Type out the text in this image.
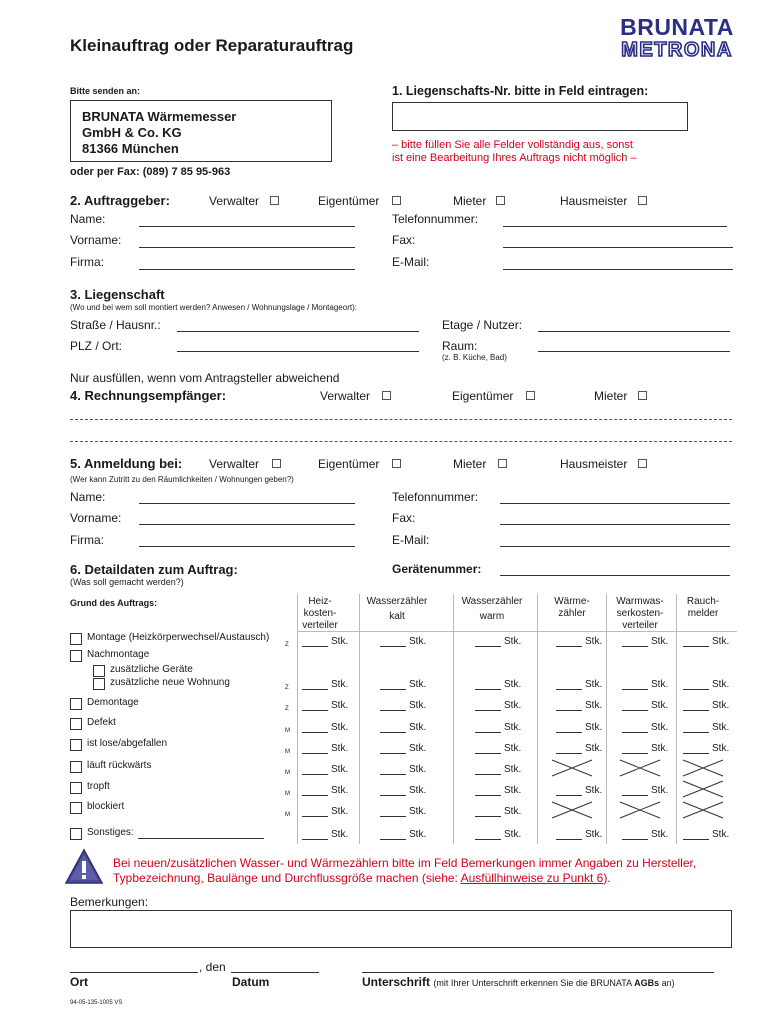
Kleinauftrag oder Reparaturauftrag
BRUNATA
METRONA
Bitte senden an:	1. Liegenschafts-Nr. bitte in Feld eintragen:
BRUNATA Wärmemesser
GmbH & Co. KG
81366 München	– bitte füllen Sie alle Felder vollständig aus, sonst
ist eine Bearbeitung Ihres Auftrags nicht möglich –
oder per Fax: (089) 7 85 95-963
2. Auftraggeber:	Verwalter	Eigentümer	Mieter	Hausmeister
Name:
Vorname:
Firma:
Telefonnummer:
Fax:
E-Mail:
3. Liegenschaft
(Wo und bei wem soll montiert werden? Anwesen / Wohnungslage / Montageort):
Straße / Hausnr.:
PLZ / Ort:
Etage / Nutzer:
Raum:
(z. B. Küche, Bad)
Nur ausfüllen, wenn vom Antragsteller abweichend
4. Rechnungsempfänger:	Verwalter	Eigentümer	Mieter
5. Anmeldung bei: Verwalter	Eigentümer	Mieter	Hausmeister
(Wer kann Zutritt zu den Räumlichkeiten / Wohnungen geben?)
Name:
Vorname:
Firma:
Telefonnummer:
Fax:
E-Mail:
6. Detaildaten zum Auftrag:
(Was soll gemacht werden?)
Gerätenummer:
Grund des Auftrags:	Heiz-
kosten-
verteiler
Wasserzähler
kalt
Wasserzähler
warm
Wärme-
zähler
Warmwas-
serkosten-
verteiler
Rauch-
melder
Montage (Heizkörperwechsel/Austausch)
Z	Stk.	Stk.	Stk.	Stk.	Stk.	Stk.
Nachmontage
zusätzliche Geräte
zusätzliche neue Wohnung	Z	Stk.	Stk.	Stk.	Stk.	Stk.	Stk.
Demontage
Z	Stk.	Stk.	Stk.	Stk.	Stk.	Stk.
Defekt
M	Stk.	Stk.	Stk.	Stk.	Stk.	Stk.
ist lose/abgefallen
M	Stk.	Stk.	Stk.	Stk.	Stk.	Stk.
läuft rückwärts
M	Stk.	Stk.	Stk.
tropft
M	Stk.	Stk.	Stk.	Stk.	Stk.
blockiert
M	Stk.	Stk.	Stk.
Sonstiges:	Stk.	Stk.	Stk.	Stk.	Stk.	Stk.
Bei neuen/zusätzlichen Wasser- und Wärmezählern bitte im Feld Bemerkungen immer Angaben zu Hersteller,
Typbezeichnung, Baulänge und Durchflussgröße machen (siehe: Ausfüllhinweise zu Punkt 6).
Bemerkungen:
, den
Ort	Datum	Unterschrift (mit Ihrer Unterschrift erkennen Sie die BRUNATA AGBs an)
94-05-135-1005 VS
